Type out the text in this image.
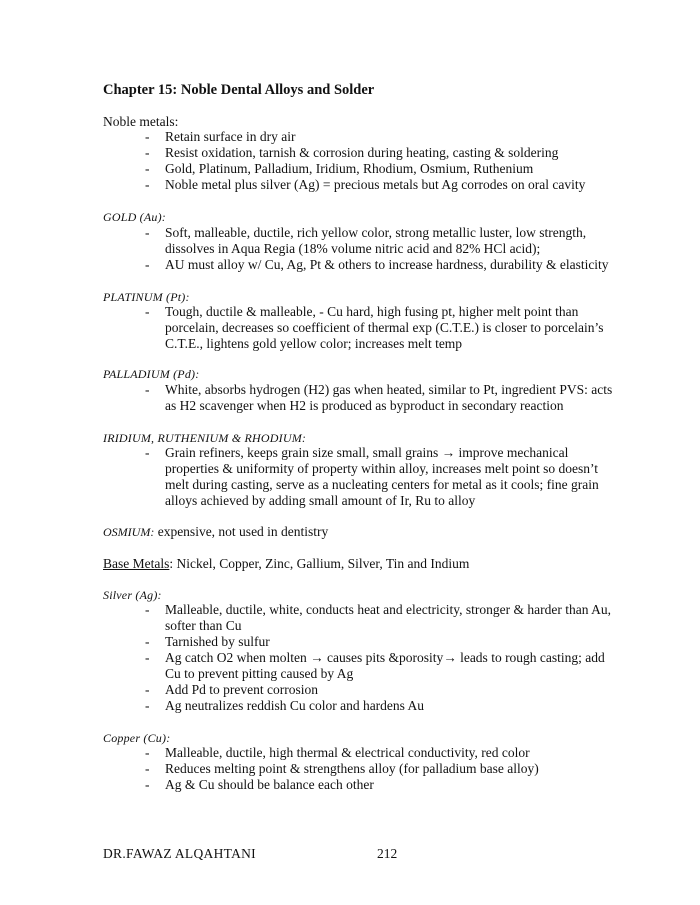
Chapter 15: Noble Dental Alloys and Solder
Noble metals:
- Retain surface in dry air
- Resist oxidation, tarnish & corrosion during heating, casting & soldering
- Gold, Platinum, Palladium, Iridium, Rhodium, Osmium, Ruthenium
- Noble metal plus silver (Ag) = precious metals but Ag corrodes on oral cavity
GOLD (Au):
- Soft, malleable, ductile, rich yellow color, strong metallic luster, low strength, dissolves in Aqua Regia (18% volume nitric acid and 82% HCl acid);
- AU must alloy w/ Cu, Ag, Pt & others to increase hardness, durability & elasticity
PLATINUM (Pt):
- Tough, ductile & malleable, - Cu hard, high fusing pt, higher melt point than porcelain, decreases so coefficient of thermal exp (C.T.E.) is closer to porcelain’s C.T.E., lightens gold yellow color; increases melt temp
PALLADIUM (Pd):
- White, absorbs hydrogen (H2) gas when heated, similar to Pt, ingredient PVS: acts as H2 scavenger when H2 is produced as byproduct in secondary reaction
IRIDIUM, RUTHENIUM & RHODIUM:
- Grain refiners, keeps grain size small, small grains → improve mechanical properties & uniformity of property within alloy, increases melt point so doesn’t melt during casting, serve as a nucleating centers for metal as it cools; fine grain alloys achieved by adding small amount of Ir, Ru to alloy
OSMIUM: expensive, not used in dentistry
Base Metals: Nickel, Copper, Zinc, Gallium, Silver, Tin and Indium
Silver (Ag):
- Malleable, ductile, white, conducts heat and electricity, stronger & harder than Au, softer than Cu
- Tarnished by sulfur
- Ag catch O2 when molten → causes pits &porosity→ leads to rough casting; add Cu to prevent pitting caused by Ag
- Add Pd to prevent corrosion
- Ag neutralizes reddish Cu color and hardens Au
Copper (Cu):
- Malleable, ductile, high thermal & electrical conductivity, red color
- Reduces melting point & strengthens alloy (for palladium base alloy)
- Ag & Cu should be balance each other
DR.FAWAZ ALQAHTANI	212
